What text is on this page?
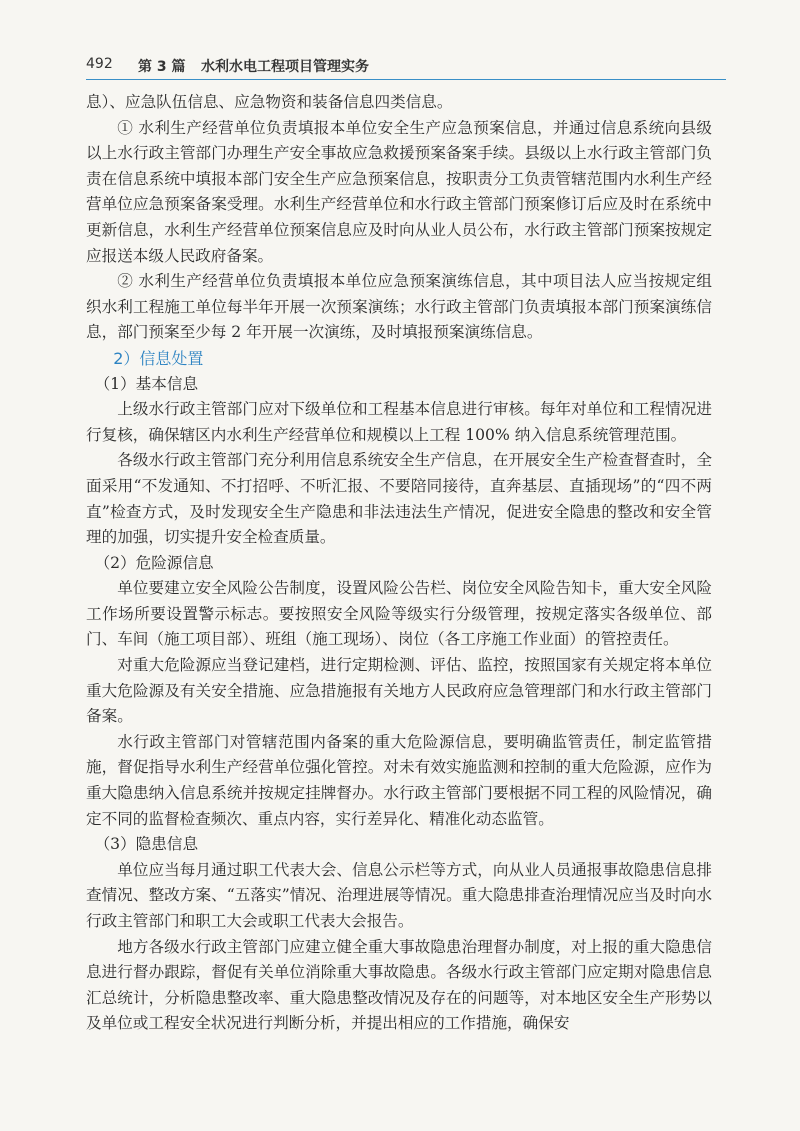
492 第 3 篇 水利水电工程项目管理实务

息）、应急队伍信息、应急物资和装备信息四类信息。

① 水利生产经营单位负责填报本单位安全生产应急预案信息，并通过信息系统向县级以上水行政主管部门办理生产安全事故应急救援预案备案手续。县级以上水行政主管部门负责在信息系统中填报本部门安全生产应急预案信息，按职责分工负责管辖范围内水利生产经营单位应急预案备案受理。水利生产经营单位和水行政主管部门预案修订后应及时在系统中更新信息，水利生产经营单位预案信息应及时向从业人员公布，水行政主管部门预案按规定应报送本级人民政府备案。

② 水利生产经营单位负责填报本单位应急预案演练信息，其中项目法人应当按规定组织水利工程施工单位每半年开展一次预案演练；水行政主管部门负责填报本部门预案演练信息，部门预案至少每 2 年开展一次演练，及时填报预案演练信息。

2）信息处置

（1）基本信息

上级水行政主管部门应对下级单位和工程基本信息进行审核。每年对单位和工程情况进行复核，确保辖区内水利生产经营单位和规模以上工程 100% 纳入信息系统管理范围。

各级水行政主管部门充分利用信息系统安全生产信息，在开展安全生产检查督查时，全面采用“不发通知、不打招呼、不听汇报、不要陪同接待，直奔基层、直插现场”的“四不两直”检查方式，及时发现安全生产隐患和非法违法生产情况，促进安全隐患的整改和安全管理的加强，切实提升安全检查质量。

（2）危险源信息

单位要建立安全风险公告制度，设置风险公告栏、岗位安全风险告知卡，重大安全风险工作场所要设置警示标志。要按照安全风险等级实行分级管理，按规定落实各级单位、部门、车间（施工项目部）、班组（施工现场）、岗位（各工序施工作业面）的管控责任。

对重大危险源应当登记建档，进行定期检测、评估、监控，按照国家有关规定将本单位重大危险源及有关安全措施、应急措施报有关地方人民政府应急管理部门和水行政主管部门备案。

水行政主管部门对管辖范围内备案的重大危险源信息，要明确监管责任，制定监管措施，督促指导水利生产经营单位强化管控。对未有效实施监测和控制的重大危险源，应作为重大隐患纳入信息系统并按规定挂牌督办。水行政主管部门要根据不同工程的风险情况，确定不同的监督检查频次、重点内容，实行差异化、精准化动态监管。

（3）隐患信息

单位应当每月通过职工代表大会、信息公示栏等方式，向从业人员通报事故隐患信息排查情况、整改方案、“五落实”情况、治理进展等情况。重大隐患排查治理情况应当及时向水行政主管部门和职工大会或职工代表大会报告。

地方各级水行政主管部门应建立健全重大事故隐患治理督办制度，对上报的重大隐患信息进行督办跟踪，督促有关单位消除重大事故隐患。各级水行政主管部门应定期对隐患信息汇总统计，分析隐患整改率、重大隐患整改情况及存在的问题等，对本地区安全生产形势以及单位或工程安全状况进行判断分析，并提出相应的工作措施，确保安
